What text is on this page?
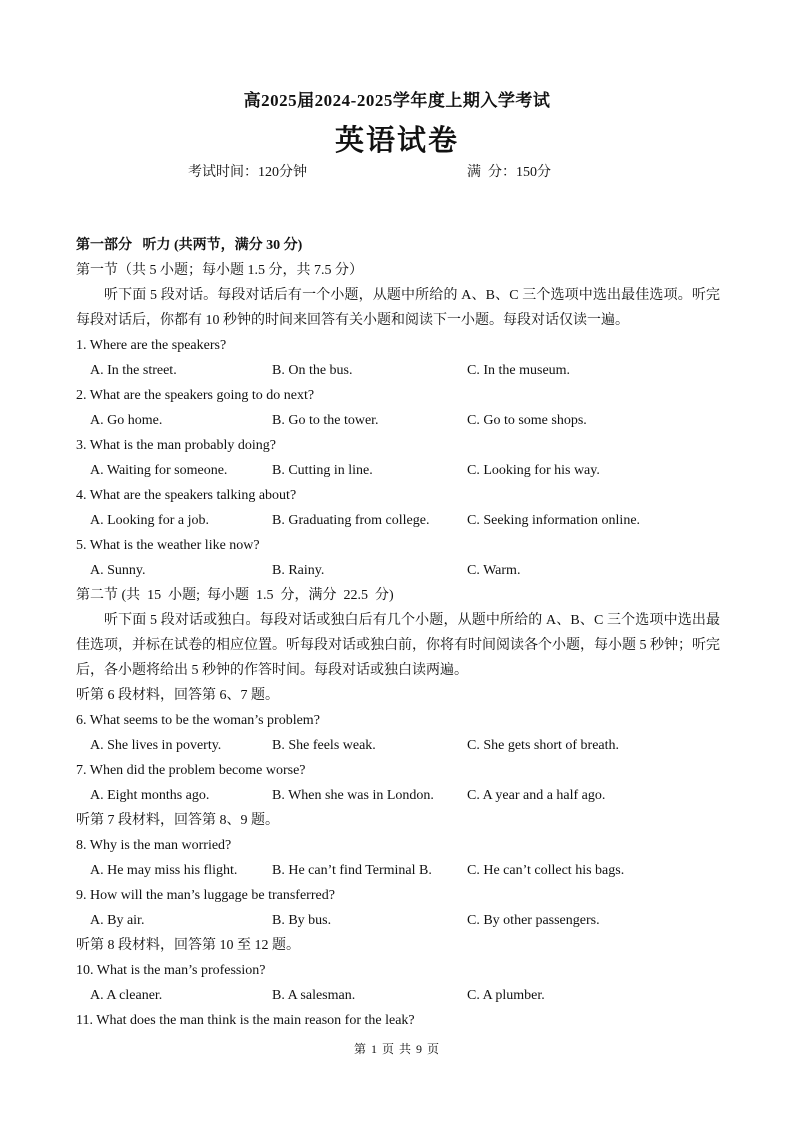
高2025届2024-2025学年度上期入学考试
英语试卷
考试时间：120分钟	满  分：150分
第一部分   听力 (共两节，满分 30 分)
第一节（共 5 小题；每小题 1.5 分，共 7.5 分）
听下面 5 段对话。每段对话后有一个小题，从题中所给的 A、B、C 三个选项中选出最佳选项。听完每段对话后，你都有 10 秒钟的时间来回答有关小题和阅读下一小题。每段对话仅读一遍。
1. Where are the speakers?
A. In the street.	B. On the bus.	C. In the museum.
2. What are the speakers going to do next?
A. Go home.	B. Go to the tower.	C. Go to some shops.
3. What is the man probably doing?
A. Waiting for someone.	B. Cutting in line.	C. Looking for his way.
4. What are the speakers talking about?
A. Looking for a job.	B. Graduating from college.	C. Seeking information online.
5. What is the weather like now?
A. Sunny.	B. Rainy.	C. Warm.
第二节 (共  15  小题;  每小题  1.5  分，满分  22.5  分)
听下面 5 段对话或独白。每段对话或独白后有几个小题，从题中所给的 A、B、C 三个选项中选出最佳选项，并标在试卷的相应位置。听每段对话或独白前，你将有时间阅读各个小题，每小题 5 秒钟；听完后，各小题将给出 5 秒钟的作答时间。每段对话或独白读两遍。
听第 6 段材料，回答第 6、7 题。
6. What seems to be the woman’s problem?
A. She lives in poverty.	B. She feels weak.	C. She gets short of breath.
7. When did the problem become worse?
A. Eight months ago.	B. When she was in London. C. A year and a half ago.
听第 7 段材料，回答第 8、9 题。
8. Why is the man worried?
A. He may miss his flight. B. He can’t find Terminal B.	C. He can’t collect his bags.
9. How will the man’s luggage be transferred?
A. By air.	B. By bus.	C. By other passengers.
听第 8 段材料，回答第 10 至 12 题。
10. What is the man’s profession?
A. A cleaner.	B. A salesman.	C. A plumber.
11. What does the man think is the main reason for the leak?
第 1 页 共 9 页
